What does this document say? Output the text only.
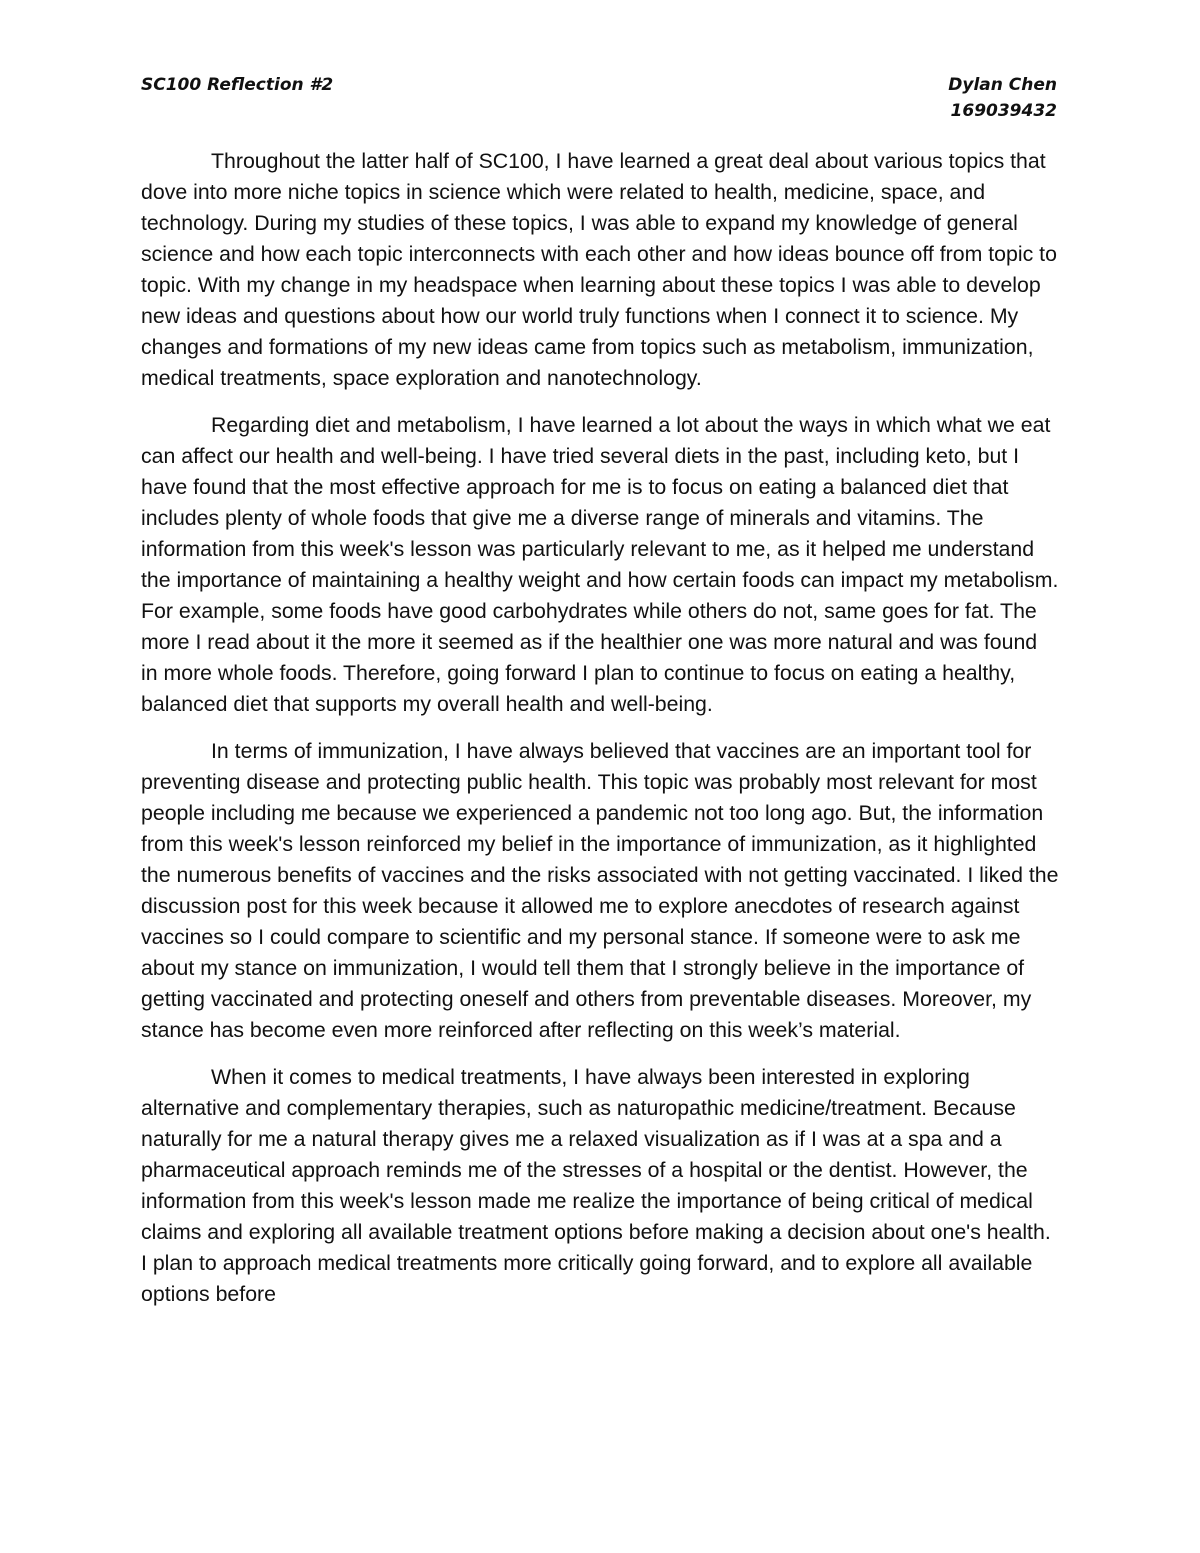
SC100 Reflection #2	Dylan Chen
169039432

Throughout the latter half of SC100, I have learned a great deal about various topics that dove into more niche topics in science which were related to health, medicine, space, and technology. During my studies of these topics, I was able to expand my knowledge of general science and how each topic interconnects with each other and how ideas bounce off from topic to topic. With my change in my headspace when learning about these topics I was able to develop new ideas and questions about how our world truly functions when I connect it to science. My changes and formations of my new ideas came from topics such as metabolism, immunization, medical treatments, space exploration and nanotechnology.

Regarding diet and metabolism, I have learned a lot about the ways in which what we eat can affect our health and well-being. I have tried several diets in the past, including keto, but I have found that the most effective approach for me is to focus on eating a balanced diet that includes plenty of whole foods that give me a diverse range of minerals and vitamins. The information from this week's lesson was particularly relevant to me, as it helped me understand the importance of maintaining a healthy weight and how certain foods can impact my metabolism. For example, some foods have good carbohydrates while others do not, same goes for fat. The more I read about it the more it seemed as if the healthier one was more natural and was found in more whole foods. Therefore, going forward I plan to continue to focus on eating a healthy, balanced diet that supports my overall health and well-being.

In terms of immunization, I have always believed that vaccines are an important tool for preventing disease and protecting public health. This topic was probably most relevant for most people including me because we experienced a pandemic not too long ago. But, the information from this week's lesson reinforced my belief in the importance of immunization, as it highlighted the numerous benefits of vaccines and the risks associated with not getting vaccinated. I liked the discussion post for this week because it allowed me to explore anecdotes of research against vaccines so I could compare to scientific and my personal stance. If someone were to ask me about my stance on immunization, I would tell them that I strongly believe in the importance of getting vaccinated and protecting oneself and others from preventable diseases. Moreover, my stance has become even more reinforced after reflecting on this week’s material.

When it comes to medical treatments, I have always been interested in exploring alternative and complementary therapies, such as naturopathic medicine/treatment. Because naturally for me a natural therapy gives me a relaxed visualization as if I was at a spa and a pharmaceutical approach reminds me of the stresses of a hospital or the dentist. However, the information from this week's lesson made me realize the importance of being critical of medical claims and exploring all available treatment options before making a decision about one's health. I plan to approach medical treatments more critically going forward, and to explore all available options before
